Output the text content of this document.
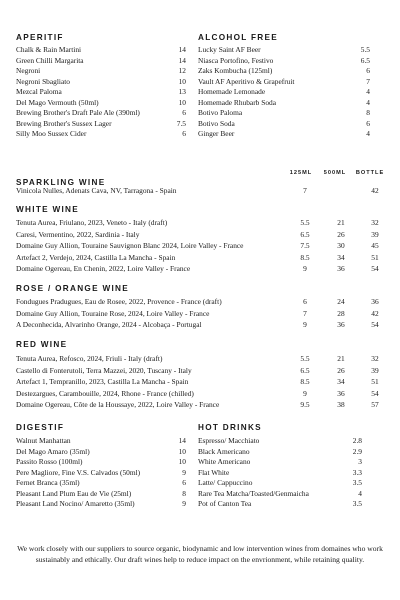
APERITIF
Chalk & Rain Martini	14
Green Chilli Margarita	14
Negroni	12
Negroni Sbagliato	10
Mezcal Paloma	13
Del Mago Vermouth (50ml)	10
Brewing Brother's Draft Pale Ale (390ml)	6
Brewing Brother's Sussex Lager	7.5
Silly Moo Sussex Cider	6
ALCOHOL FREE
Lucky Saint AF Beer	5.5
Niasca Portofino, Festivo	6.5
Zaks Kombucha (125ml)	6
Vault AF Aperitivo & Grapefruit	7
Homemade Lemonade	4
Homemade Rhubarb Soda	4
Botivo Paloma	8
Botivo Soda	6
Ginger Beer	4
125ML	500ML	BOTTLE
SPARKLING WINE
Vinicola Nulles, Adenats Cava, NV, Tarragona - Spain	7	42
WHITE WINE
Tenuta Aurea, Friulano, 2023, Veneto - Italy (draft)	5.5	21	32
Caresi, Vermentino, 2022, Sardinia - Italy	6.5	26	39
Domaine Guy Allion, Touraine Sauvignon Blanc 2024, Loire Valley - France	7.5	30	45
Artefact 2, Verdejo, 2024, Castilla La Mancha - Spain	8.5	34	51
Domaine Ogereau, En Chenin, 2022, Loire Valley - France	9	36	54
ROSE / ORANGE WINE
Fondugues Pradugues, Eau de Rosee, 2022, Provence - France (draft)	6	24	36
Domaine Guy Allion, Touraine Rose, 2024, Loire Valley - France	7	28	42
A Deconhecida, Alvarinho Orange, 2024 - Alcobaça - Portugal	9	36	54
RED WINE
Tenuta Aurea, Refosco, 2024, Friuli - Italy (draft)	5.5	21	32
Castello di Fonterutoli, Terra Mazzei, 2020, Tuscany - Italy	6.5	26	39
Artefact 1, Tempranillo, 2023, Castilla La Mancha - Spain	8.5	34	51
Destezargues, Carambouille, 2024, Rhone - France (chilled)	9	36	54
Domaine Ogereau, Côte de la Houssaye, 2022, Loire Valley - France	9.5	38	57
DIGESTIF
Walnut Manhattan	14
Del Mago Amaro (35ml)	10
Passito Rosso (100ml)	10
Pere Magliore, Fine V.S. Calvados (50ml)	9
Fernet Branca (35ml)	6
Pleasant Land Plum Eau de Vie (25ml)	8
Pleasant Land Nocino/ Amaretto (35ml)	9
HOT DRINKS
Espresso/ Macchiato	2.8
Black Americano	2.9
White Americano	3
Flat White	3.3
Latte/ Cappuccino	3.5
Rare Tea Matcha/Toasted/Genmaicha	4
Pot of Canton Tea	3.5
We work closely with our suppliers to source organic, biodynamic and low intervention wines from domaines who work sustainably and ethically. Our draft wines help to reduce impact on the envrionment, while retaining quality.
